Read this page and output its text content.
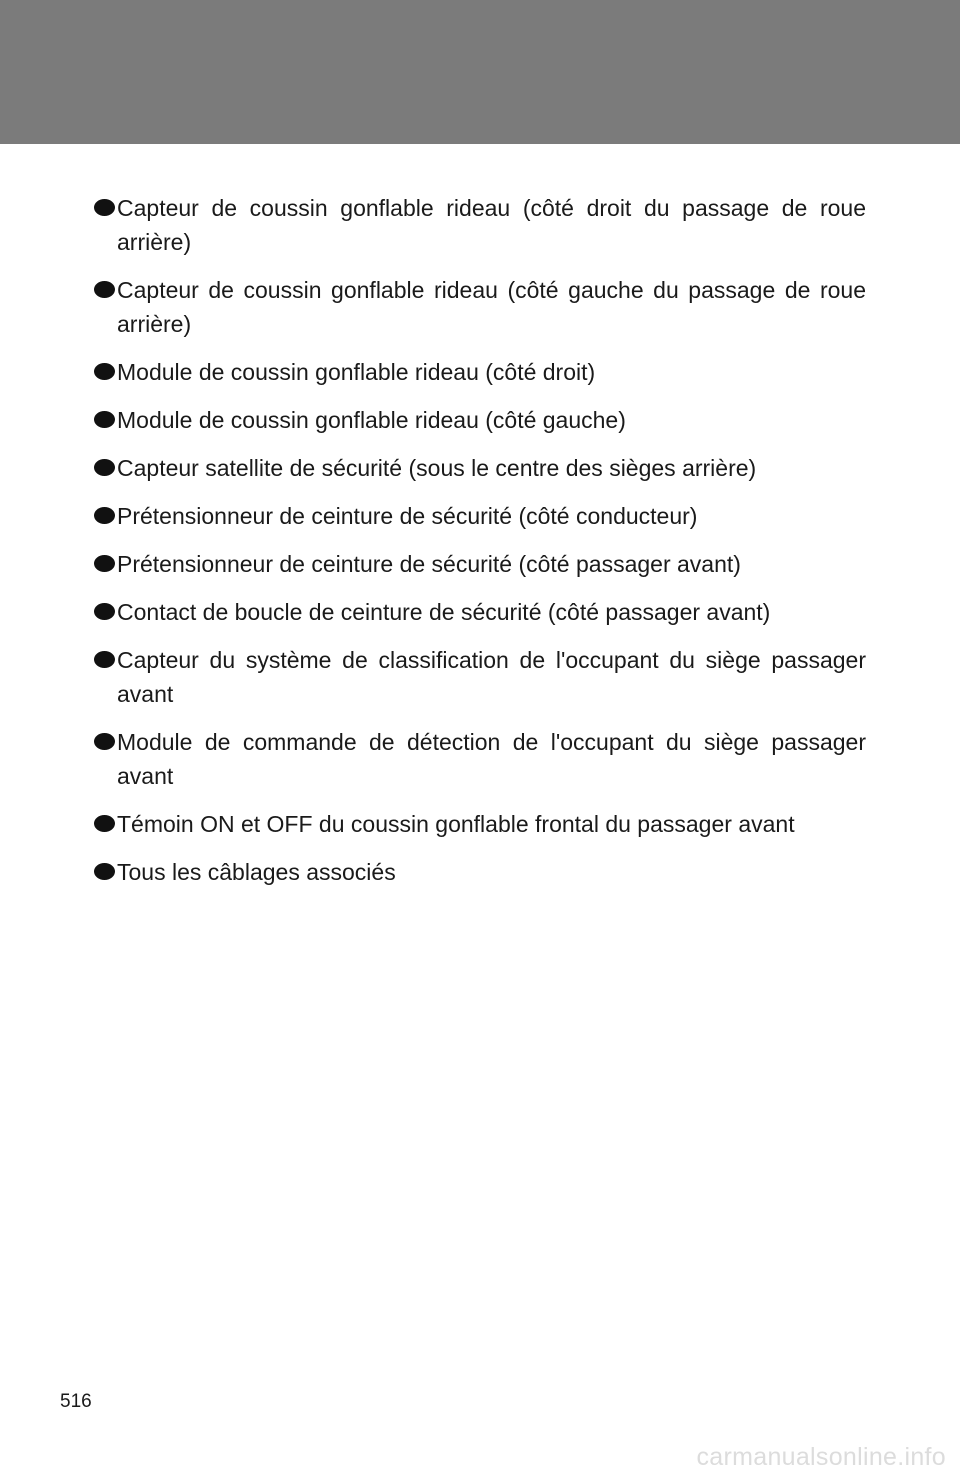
Capteur de coussin gonflable rideau (côté droit du passage de roue arrière)
Capteur de coussin gonflable rideau (côté gauche du passage de roue arrière)
Module de coussin gonflable rideau (côté droit)
Module de coussin gonflable rideau (côté gauche)
Capteur satellite de sécurité (sous le centre des sièges arrière)
Prétensionneur de ceinture de sécurité (côté conducteur)
Prétensionneur de ceinture de sécurité (côté passager avant)
Contact de boucle de ceinture de sécurité (côté passager avant)
Capteur du système de classification de l'occupant du siège passager avant
Module de commande de détection de l'occupant du siège passager avant
Témoin ON et OFF du coussin gonflable frontal du passager avant
Tous les câblages associés
516
carmanualsonline.info
